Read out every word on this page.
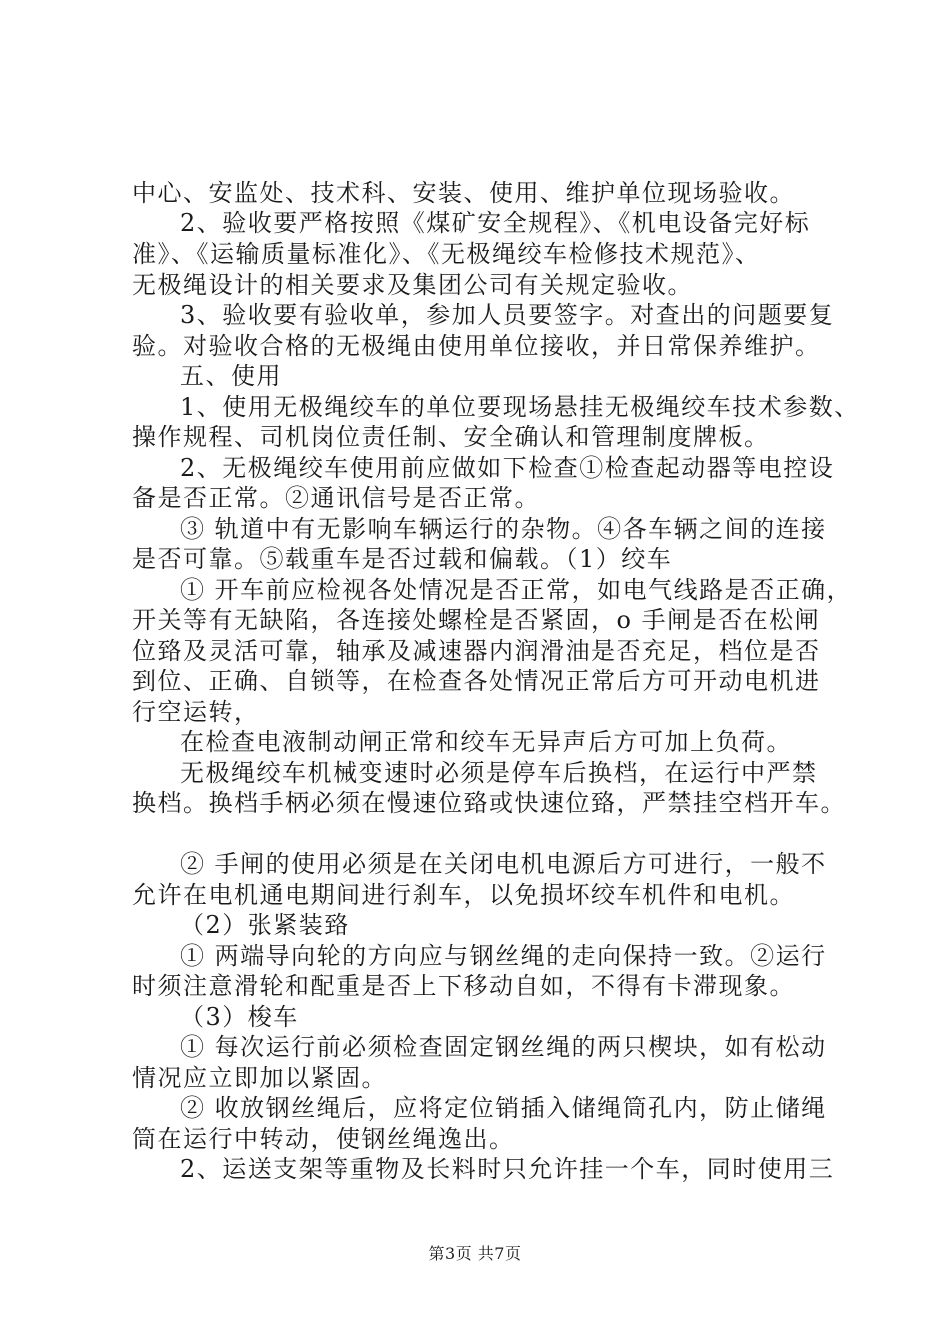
中心、安监处、技术科、安装、使用、维护单位现场验收。
2、验收要严格按照《煤矿安全规程》、《机电设备完好标
准》、《运输质量标准化》、《无极绳绞车检修技术规范》、
无极绳设计的相关要求及集团公司有关规定验收。
3、验收要有验收单，参加人员要签字。对查出的问题要复
验。对验收合格的无极绳由使用单位接收，并日常保养维护。
五、使用
1、使用无极绳绞车的单位要现场悬挂无极绳绞车技术参数、
操作规程、司机岗位责任制、安全确认和管理制度牌板。
2、无极绳绞车使用前应做如下检查①检查起动器等电控设
备是否正常。②通讯信号是否正常。
③ 轨道中有无影响车辆运行的杂物。④各车辆之间的连接
是否可靠。⑤载重车是否过载和偏载。（1）绞车
① 开车前应检视各处情况是否正常，如电气线路是否正确，
开关等有无缺陷，各连接处螺栓是否紧固，o 手闸是否在松闸
位臵及灵活可靠，轴承及减速器内润滑油是否充足，档位是否
到位、正确、自锁等，在检查各处情况正常后方可开动电机进
行空运转，
在检查电液制动闸正常和绞车无异声后方可加上负荷。
无极绳绞车机械变速时必须是停车后换档，在运行中严禁
换档。换档手柄必须在慢速位臵或快速位臵，严禁挂空档开车。
② 手闸的使用必须是在关闭电机电源后方可进行，一般不
允许在电机通电期间进行刹车，以免损坏绞车机件和电机。
（2）张紧装臵
① 两端导向轮的方向应与钢丝绳的走向保持一致。②运行
时须注意滑轮和配重是否上下移动自如，不得有卡滞现象。
（3）梭车
① 每次运行前必须检查固定钢丝绳的两只楔块，如有松动
情况应立即加以紧固。
② 收放钢丝绳后，应将定位销插入储绳筒孔内，防止储绳
筒在运行中转动，使钢丝绳逸出。
2、运送支架等重物及长料时只允许挂一个车，同时使用三
第3页 共7页
